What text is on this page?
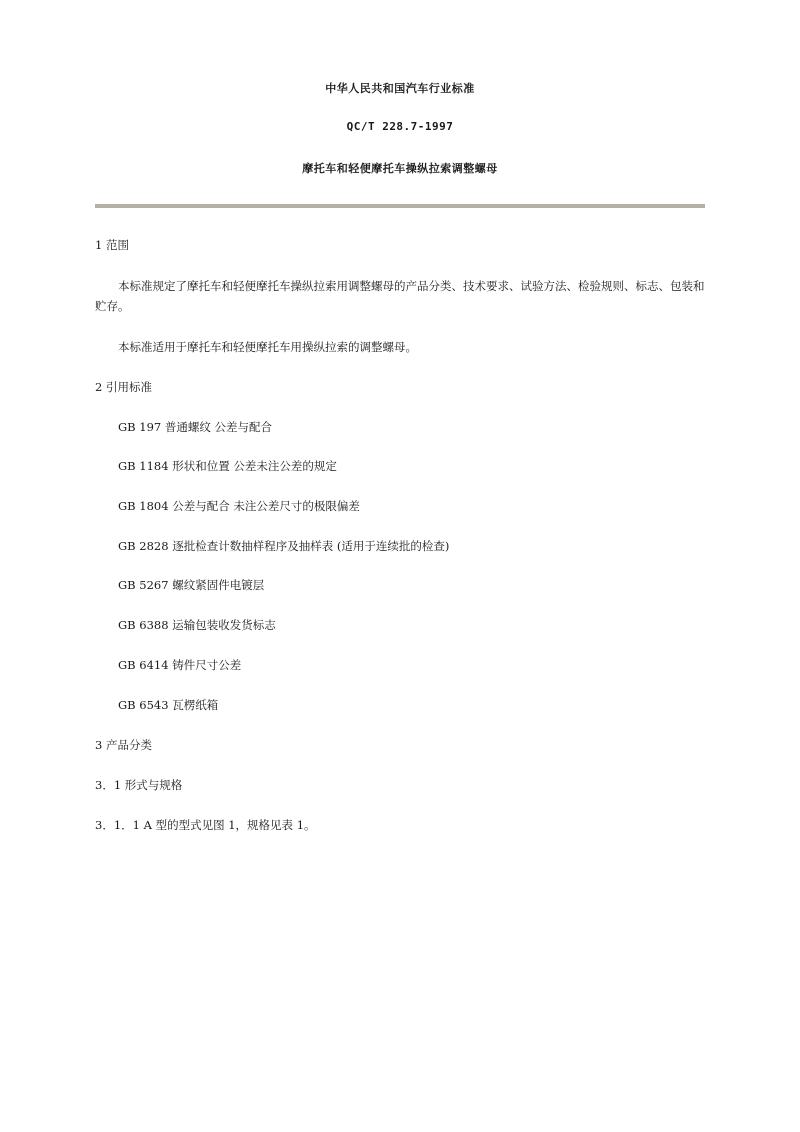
中华人民共和国汽车行业标准
QC/T 228.7-1997
摩托车和轻便摩托车操纵拉索调整螺母
1 范围
本标准规定了摩托车和轻便摩托车操纵拉索用调整螺母的产品分类、技术要求、试验方法、检验规则、标志、包装和贮存。
本标准适用于摩托车和轻便摩托车用操纵拉索的调整螺母。
2 引用标准
GB 197 普通螺纹 公差与配合
GB 1184 形状和位置 公差未注公差的规定
GB 1804 公差与配合 未注公差尺寸的极限偏差
GB 2828 逐批检查计数抽样程序及抽样表 (适用于连续批的检查)
GB 5267 螺纹紧固件电镀层
GB 6388 运输包装收发货标志
GB 6414 铸件尺寸公差
GB 6543 瓦楞纸箱
3 产品分类
3．1 形式与规格
3．1．1 A 型的型式见图 1，规格见表 1。
